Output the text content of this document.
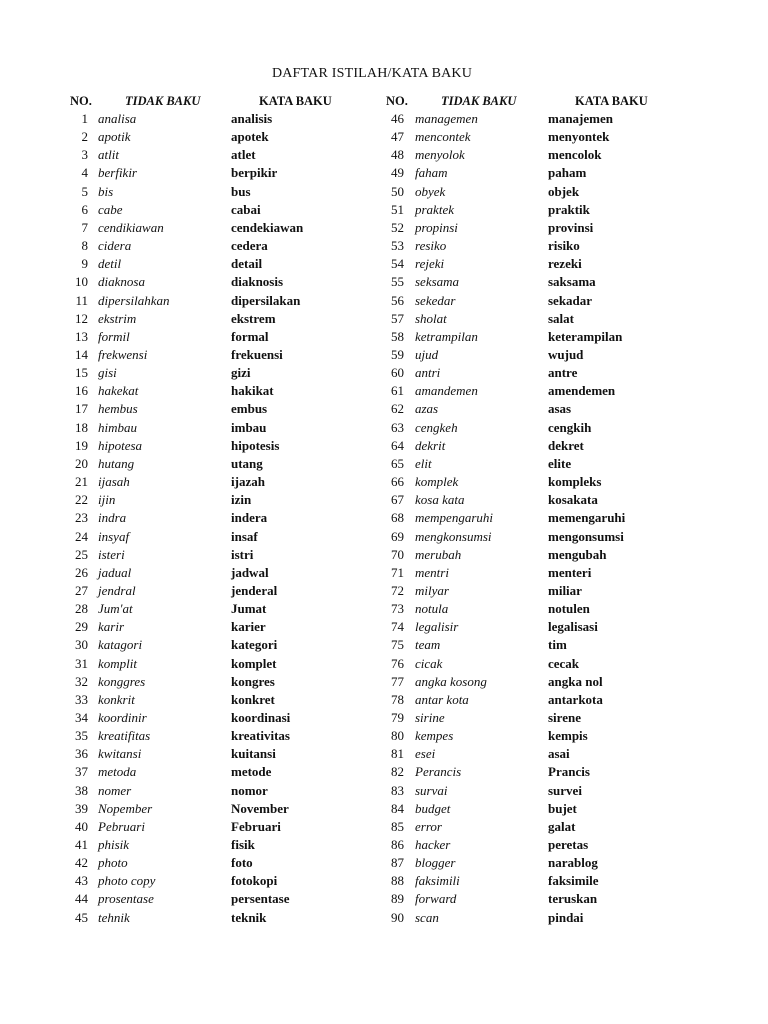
DAFTAR ISTILAH/KATA BAKU
NO.	TIDAK BAKU	KATA BAKU	NO.	TIDAK BAKU	KATA BAKU
1 analisa	analisis	46 managemen	manajemen
2 apotik	apotek	47 mencontek	menyontek
3 atlit	atlet	48 menyolok	mencolok
4 berfikir	berpikir	49 faham	paham
5 bis	bus	50 obyek	objek
6 cabe	cabai	51 praktek	praktik
7 cendikiawan	cendekiawan	52 propinsi	provinsi
8 cidera	cedera	53 resiko	risiko
9 detil	detail	54 rejeki	rezeki
10 diaknosa	diaknosis	55 seksama	saksama
11 dipersilahkan	dipersilakan	56 sekedar	sekadar
12 ekstrim	ekstrem	57 sholat	salat
13 formil	formal	58 ketrampilan	keterampilan
14 frekwensi	frekuensi	59 ujud	wujud
15 gisi	gizi	60 antri	antre
16 hakekat	hakikat	61 amandemen	amendemen
17 hembus	embus	62 azas	asas
18 himbau	imbau	63 cengkeh	cengkih
19 hipotesa	hipotesis	64 dekrit	dekret
20 hutang	utang	65 elit	elite
21 ijasah	ijazah	66 komplek	kompleks
22 ijin	izin	67 kosa kata	kosakata
23 indra	indera	68 mempengaruhi	memengaruhi
24 insyaf	insaf	69 mengkonsumsi	mengonsumsi
25 isteri	istri	70 merubah	mengubah
26 jadual	jadwal	71 mentri	menteri
27 jendral	jenderal	72 milyar	miliar
28 Jum'at	Jumat	73 notula	notulen
29 karir	karier	74 legalisir	legalisasi
30 katagori	kategori	75 team	tim
31 komplit	komplet	76 cicak	cecak
32 konggres	kongres	77 angka kosong	angka nol
33 konkrit	konkret	78 antar kota	antarkota
34 koordinir	koordinasi	79 sirine	sirene
35 kreatifitas	kreativitas	80 kempes	kempis
36 kwitansi	kuitansi	81 esei	asai
37 metoda	metode	82 Perancis	Prancis
38 nomer	nomor	83 survai	survei
39 Nopember	November	84 budget	bujet
40 Pebruari	Februari	85 error	galat
41 phisik	fisik	86 hacker	peretas
42 photo	foto	87 blogger	narablog
43 photo copy	fotokopi	88 faksimili	faksimile
44 prosentase	persentase	89 forward	teruskan
45 tehnik	teknik	90 scan	pindai
